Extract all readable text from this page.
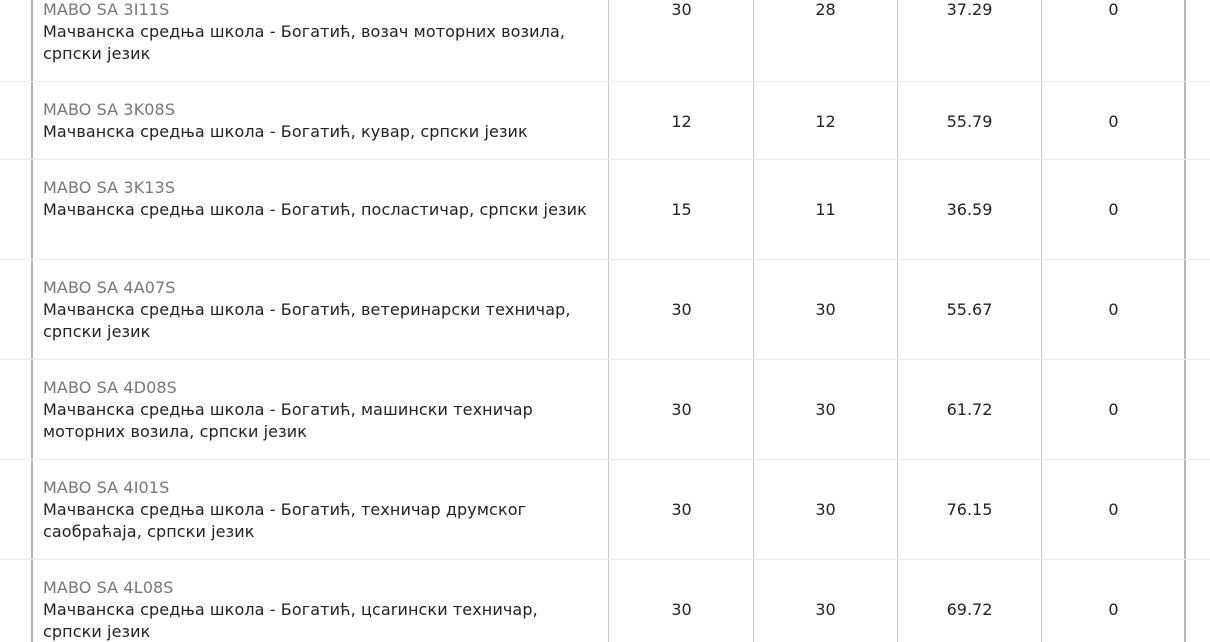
MABO SA 3I11S
Мачванска средња школа - Богатић, возач моторних возила, српски језик
30	28	37.29	0
MABO SA 3K08S
Мачванска средња школа - Богатић, кувар, српски језик
12	12	55.79	0
MABO SA 3K13S
Мачванска средња школа - Богатић, посластичар, српски језик	15	11	36.59	0
MABO SA 4A07S
Мачванска средња школа - Богатић, ветеринарски техничар, српски језик
30	30	55.67	0
MABO SA 4D08S
Мачванска средња школа - Богатић, машински техничар моторних возила, српски језик
30	30	61.72	0
MABO SA 4I01S
Мачванска средња школа - Богатић, техничар друмског саобраћаја, српски језик
30	30	76.15	0
MABO SA 4L08S
Мачванска средња школа - Богатић, цcarински техничар, српски језик
30	30	69.72	0
